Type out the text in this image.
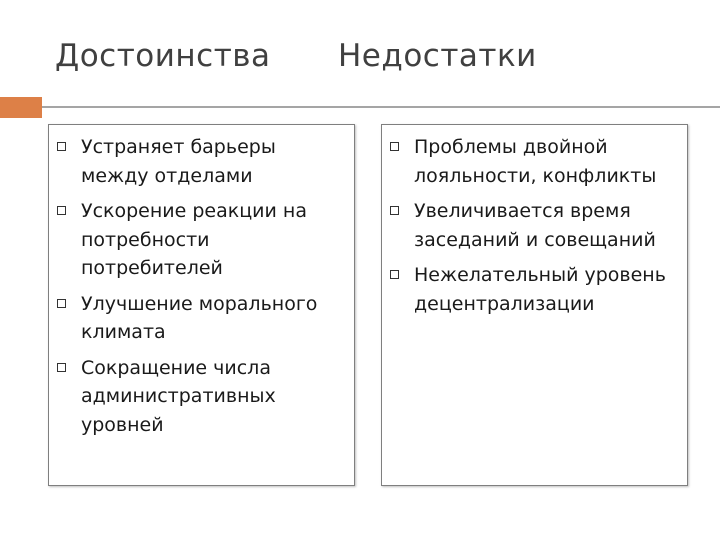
Достоинства Недостатки
Устраняет барьеры между отделами
Ускорение реакции на потребности потребителей
Улучшение морального климата
Сокращение числа административных уровней
Проблемы двойной лояльности, конфликты
Увеличивается время заседаний и совещаний
Нежелательный уровень децентрализации
